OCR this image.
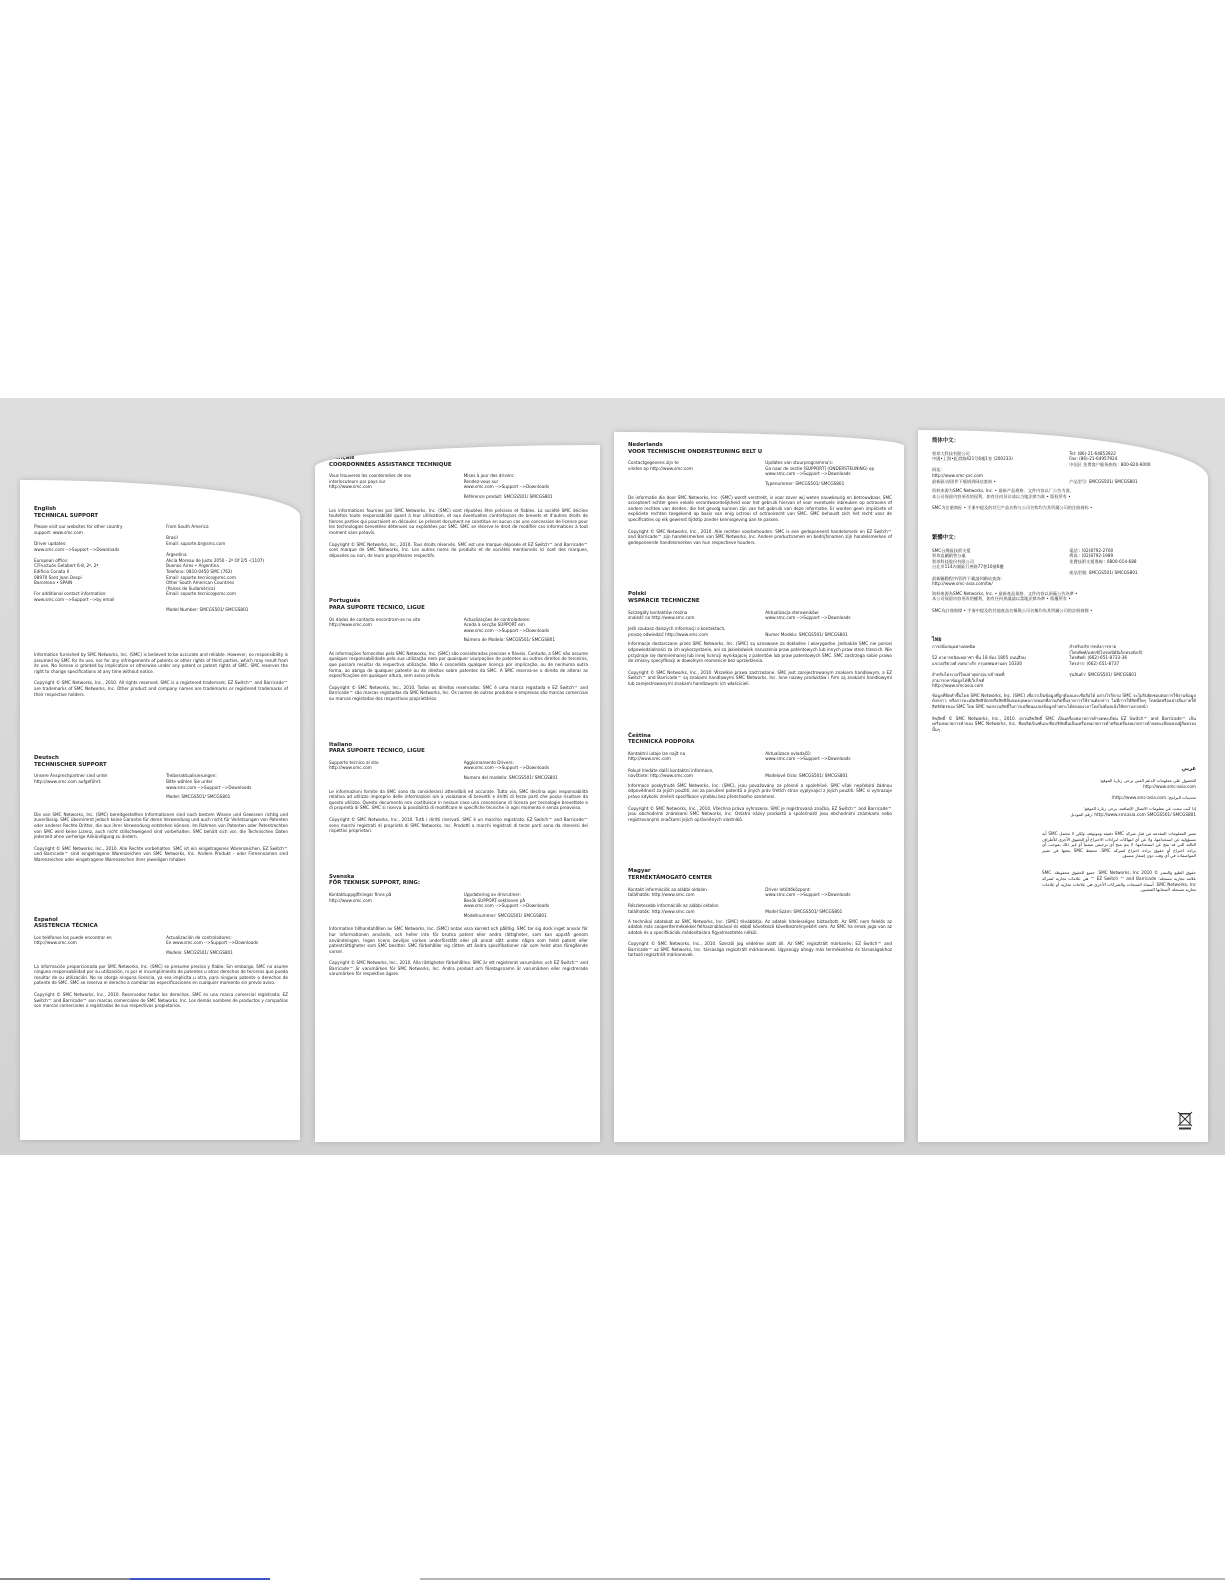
English
TECHNICAL SUPPORT
Please visit our websites for other country
support: www.smc.com

Driver updates:
www.smc.com -->Support -->Downloads

European office:
C/Fructuós Gelabert 6-8, 2º, 2ª
Edificio Conata II
08970 Sant Joan Despí
Barcelona • SPAIN

For additional contact information:
www.smc.com -->Support -->by email
From South America

Brasil
Email: suporte.br@smc.com

Argentina
Alicia Moreau de Justo 2050 - 2º Of 2/5 -(1107)
Buenos Aires • Argentina
Telefono: 0810-0450 SMC (762)
Email: soporte.tecnico@smc.com
Other South American Countries
(Países de Sudamérica)
Email: soporte.tecnico@smc.com
Model Number: SMCGS501/ SMCGS801
Information furnished by SMC Networks, Inc. (SMC) is believed to be accurate and reliable. However, no responsibility is assumed by SMC for its use, nor for any infringements of patents or other rights of third parties, which may result from its use. No license is granted by implication or otherwise under any patent or patent rights of SMC. SMC reserves the right to change specifications at any time without notice.
Copyright © SMC Networks, Inc., 2010. All rights reserved. SMC is a registered trademark; EZ Switch™ and Barricade™ are trademarks of SMC Networks, Inc. Other product and company names are trademarks or registered trademarks of their respective holders.
Deutsch
TECHNISCHER SUPPORT
Unsere Ansprechpartner sind unter
http://www.smc.com aufgeführt.
Treiberaktualisierungen:
Bitte wählen Sie unter
www.smc.com -->Support -->Downloads
Model: SMCGS501/ SMCGS801
Die von SMC Networks, Inc. (SMC) bereitgestellten Informationen sind nach bestem Wissen und Gewissen richtig und zuverlässig. SMC übernimmt jedoch keine Garantie für deren Verwendung und auch nicht für Verletzungen von Patenten oder anderer Rechte Dritter, die aus ihrer Verwendung entstehen können. Im Rahmen von Patenten oder Patentrechten von SMC wird keine Lizenz, auch nicht stillschweigend sind vorbehalten. SMC behält sich vor, die Technischen Daten jederzeit ohne vorherige Ankündigung zu ändern.
Copyright © SMC Networks, Inc., 2010. Alle Rechte vorbehalten. SMC ist ein eingetragenes Warenzeichen, EZ Switch™ und Barricade™ sind eingetragene Warenzeichen von SMC Networks, Inc. Andere Produkt - oder Firmennamen sind Warenzeichen oder eingetragene Warenzeichen ihrer jeweiligen Inhaber.
Español
ASISTENCIA TÉCNICA
Los teléfonos los puede encontrar en
http://www.smc.com
Actualización de controladores:
En www.smc.com -->Support -->Downloads
Modelo: SMCGS501/ SMCGS801
La información proporcionada por SMC Networks, Inc. (SMC) se presume precisa y fiable. Sin embargo, SMC no asume ninguna responsabilidad por su utilización, ni por el incumplimiento de patentes u otros derechos de terceros que pueda resultar de su utilización. No se otorga ninguna licencia, ya sea implícita u otra, para ninguna patente o derechos de patente de SMC. SMC se reserva el derecho a cambiar las especificaciones en cualquier momento sin previo aviso.
Copyright © SMC Networks, Inc., 2010. Reservados todos los derechos. SMC es una marca comercial registrada; EZ Switch™ and Barricade™ son marcas comerciales de SMC Networks, Inc. Los demás nombres de productos y compañías son marcas comerciales o registradas de sus respectivos propietarios.
Français
COORDONNÉES ASSISTANCE TECHNIQUE
Vous trouverez les coordonnées de nos
interlocuteurs par pays sur
http://www.smc.com
Mises à jour des drivers:
Rendez-vous sur
www.smc.com -->Support -->Downloads
Référence produit: SMCGS501/ SMCGS801
Les informations fournies par SMC Networks, Inc. (SMC) sont réputées être précises et fiables. La société SMC décline toutefois toute responsabilité quant à leur utilisation, et aux éventuelles contrefaçons de brevets et d'autres droits de tierces parties qui pourraient en découler. Le présent document ne constitue en aucun cas une concession de licence pour les technologies brevetées détenues ou exploitées par SMC. SMC se réserve le droit de modifier ces informations à tout moment sans préavis.
Copyright © SMC Networks, Inc., 2010. Tous droits réservés. SMC est une marque déposée et EZ Switch™ and Barricade™ sont marque de SMC Networks, Inc. Les autres noms de produits et de sociétés mentionnés ici sont des marques, déposées ou non, de leurs propriétaires respectifs.
Português
PARA SUPORTE TÉCNICO, LIGUE
Os dados de contacto encontram-se no site
http://www.smc.com
Actualizações de controladores:
Aceda à secção SUPPORT em
www.smc.com -->Support -->Downloads
Número de Modelo: SMCGS501/ SMCGS801
As informações fornecidas pela SMC Networks, Inc. (SMC) são consideradas precisas e fiáveis. Contudo, a SMC não assume qualquer responsabilidade pela sua utilização nem por quaisquer usurpações de patentes ou outros direitos de terceiros, que possam resultar da respectiva utilização. Não é concedida qualquer licença por implicação, ou de nenhuma outra forma, ao abrigo de qualquer patente ou de direitos sobre patentes da SMC. A SMC reserva-se o direito de alterar as especificações em qualquer altura, sem aviso prévio.
Copyright © SMC Networks, Inc., 2010. Todos os direitos reservados. SMC é uma marca registada e EZ Switch™ and Barricade™ são marcas registadas da SMC Networks, Inc. Os nomes de outros produtos e empresas são marcas comerciais ou marcas registadas dos respectivos proprietários.
Italiano
PARA SUPORTE TÉCNICO, LIGUE
Supporto tecnico al sito
http://www.smc.com
Aggiornamento Drivers:
www.smc.com -->Support -->Downloads
Numero del modello: SMCGS501/ SMCGS801
Le informazioni fornite da SMC sono da considerarsi attendibili ed accurate. Tutta via, SMC declina ogni responsabilità relativa ad utilizzo improprio delle informazioni o/e a violazione di brevetti e diritti di terze parti che possa risultare da questo utilizzo. Questo documento non costituisce in nessun caso una concessione di licenza per tecnologie brevettate e di proprietà di SMC. SMC si riserva la possibilità di modificare le specifiche tecniche in ogni momento e senza preavviso.
Copyright © SMC Networks, Inc., 2010. Tutti i diritti riservati. SMC è un marchio registrato. EZ Switch™ and Barricade™ sono marchi registrati di proprietà di SMC Networks, Inc. Prodotti o marchi registrati di terze parti sono da ritenersi dei rispettivi proprietari.
Svenska
FÖR TEKNISK SUPPORT, RING:
Kontaktuppgiftningar finns på
http://www.smc.com
Uppdatering av drivrutiner:
Besök SUPPORT-sektionen på
www.smc.com -->Support -->Downloads
Modellnummer: SMCGS501/ SMCGS801
Information tillhandahållen av SMC Networks, Inc. (SMC) antas vara korrekt och pålitlig. SMC tar sig dock inget ansvar för hur informationen används, och heller inte för brutna patent eller andra rättigheter, som kan uppstå genom användningen. Ingen licens beviljas varken underförstått eller på annat sätt under några som helst patent eller patenträttigheter som SMC besitter. SMC förbehåller sig rätten att ändra specifikationer när som helst utan föregående varsel.
Copyright © SMC Networks, Inc., 2010. Alla rättigheter förbehållna. SMC är ett registrerat varumärke; och EZ Switch™ and Barricade™ är varumärken för SMC Networks, Inc. Andra produkt och företagsnamn är varumärken eller registrerade varumärken för respektive ägare.
Nederlands
VOOR TECHNISCHE ONDERSTEUNING BELT U
Contactgegevens zijn te
vinden op http://www.smc.com
Updates van stuurprogramma's:
Ga naar de sectie [SUPPORT] (ONDERSTEUNING) op
www.smc.com -->Support -->Downloads
Typenummer: SMCGS501/ SMCGS801
De informatie die door SMC Networks, Inc. (SMC) wordt verstrekt, is voor zover wij weten nauwkeurig en betrouwbaar. SMC accepteert echter geen enkele verantwoordelijkheid voor het gebruik hiervan of voor eventuele inbreuken op octrooien of andere rechten van derden, die het gevolg kunnen zijn van het gebruik van deze informatie. Er worden geen impliciete of expliciete rechten toegekend op basis van enig octrooi of octrooirecht van SMC. SMC behoudt zich het recht voor de specificaties op elk gewenst tijdstip zonder kennisgeving aan te passen.
Copyright © SMC Networks, Inc., 2010. Alle rechten voorbehouden. SMC is een gedeponeerd handelsmerk en EZ Switch™ and Barricade™ zijn handelsmerken van SMC Networks, Inc. Andere productnamen en bedrijfsnamen zijn handelsmerken of gedeponeerde handelsmerken van hun respectieve houders.
Polski
WSPARCIE TECHNICZNE
Szczegóły kontaktów można
znaleźć na http://www.smc.com

Jeśli szukasz dalszych informacji o kontaktach,
proszę odwiedzić http://www.smc.com
Aktualizacja sterowników:
www.smc.com -->Support -->Downloads

Numer Modelu: SMCGS501/ SMCGS801
Informacje dostarczane przez SMC Networks, Inc. (SMC) są uznawane za dokładne i wiarygodne. Jednakże SMC nie ponosi odpowiedzialności za ich wykorzystanie, ani za jakiekolwiek naruszenia praw patentowych lub innych praw stron trzecich. Nie przyznaje się domniemanej lub innej licencji wynikającej z patentów lub praw patentowych SMC. SMC zastrzega sobie prawo do zmiany specyfikacji w dowolnym momencie bez uprzedzenia.
Copyright © SMC Networks, Inc., 2010. Wszelkie prawa zastrzeżone. SMC jest zarejestrowanym znakiem handlowym, a EZ Switch™ and Barricade™ są znakami handlowymi SMC Networks, Inc. Inne nazwy produktów i firm są znakami handlowymi lub zarejestrowanymi znakami handlowymi ich właścicieli.
Čeština
TECHNICKÁ PODPORA
Kontaktní údaje lze najít na
http://www.smc.com

Pokud hledáte další kontaktní informace,
navštivte: http://www.smc.com
Aktualizace ovladačů:
www.smc.com -->Support -->Downloads

Modelové číslo: SMCGS501/ SMCGS801
Informace poskytnuté SMC Networks, Inc. (SMC), jsou považovány za přesné a spolehlivé. SMC však nepřebírá žádnou odpovědnost za jejich použití, ani za porušení patentů a jiných práv třetích stran vyplývající z jejich použití. SMC si vyhrazuje právo kdykoliv změnit specifikace výrobku bez předchozího oznámení.
Copyright © SMC Networks, Inc., 2010. Všechna práva vyhrazena. SMC je registrovaná značka, EZ Switch™ and Barricade™ jsou obchodními známkami SMC Networks, Inc. Ostatní názvy produktů a společností jsou obchodními známkami nebo registrovanými značkami jejich oprávněných vlastníků.
Magyar
TERMÉKTÁMOGATÓ CENTER
Kontakt információk az alábbi oldalon
találhatók: http://www.smc.com

Részletesebb információk az alábbi oldalon
találhatók: http://www.smc.com
Driver letöltőközpont:
www.smc.com -->Support -->Downloads

Model Szám: SMCGS501/ SMCGS801
A technikai adatokat az SMC Networks, Inc. (SMC) tévábbítja. Az adatok hitelességes biztosított. Az SMC nem felelős az adatok más cooperltermékekkel felhasználásával és ebből következő következményekért sem. Az SMC ha emok joga van az adatok és a specifikációk módosítására figyelmeztetés nélkül.
Copyright © SMC Networks, Inc., 2010. Szerzői jog védelme alatt áll. Az SMC regisztrált márkanév; EZ Switch™ and Barricade™ az SMC Networks, Inc. társasága regisztrált márkanevek. Ugyanúgy ahogy más termékekhez és társaságokhoz tartozó regisztrált márkanevek.
简体中文：
智邦大科技有限公司
中國•上海•虹渭路421号6楼1室 (200233)

网址:
http://www.smc-prc.com
最新驱动/固件下载请到网站查询 •
Tel: (86)-21-64853922
Fax: (86)-21-64957924
中国区 免费客户服务热线 : 800-820-6000

产品型号: SMCGS501/ SMCGS801
资料来源为SMC Networks, Inc. • 最新产品规格、文件内容以厂公告为准。
本公司保留内容更改的权利，如有任何异议请以当地法律为准 • 版权所有 •
SMC为注册商标 • 手册中提及的其它产品名称与公司名称均为其所属公司的注册商标 •
繁體中文：
SMC台灣區技術支援
智邦直屬銷售分處
智邦科技股份有限公司
台北市114內湖區行善路77巷16號6樓

最新驅動程序/固件下載請到網站查詢:
http://www.smc-asia.com/tw/
電話 : (02)8792-2700
傳真 : (02)8792-1989
免費技術支援專線 : 0800-014-688

產品型號: SMCGS501/ SMCGS801
資料來源為SMC Networks, Inc. • 最新產品規格、文件內容以原廠公告為準 •
本公司保留內容更改的權利，如有任何異議請以當地法律為準 • 版權所有 •
SMC為註冊商標 • 手冊中提及的其他產品名稱與公司名稱均為其所屬公司的註冊商標 •
ไทย
การสนับสนุนทางเทคนิค

52 อาคารธนิยะพลาซ่า ชั้น 18 ห้อง 1805 ถนนสีลม
แขวงสุริยวงศ์ เขตบางรัก กรุงเทพมหานคร 10330

สำหรับไดรเวอร์ใหม่ล่าสุดกรุณาเข้าชมที่:
สามารถหาข้อมูลได้ที่เว็บไซต์
http://www.smcasia.com
สำหรับบริการหลังการขาย
(โทรศัพท์/แฟกซ์/ไปรษณีย์อิเล็กทรอนิกส์)
โทรศัพท์: (662) 651-8733-36
โทรสาร: (662) 651-8737

รุ่นสินค้า: SMCGS501/ SMCGS801
ข้อมูลที่จัดทำขึ้นโดย SMC Networks, Inc. (SMC) เชื่อว่าเป็นข้อมูลที่ถูกต้องและเชื่อถือได้ อย่างไรก็ตาม SMC จะไม่รับผิดชอบต่อการใช้งานข้อมูลดังกล่าว หรือการละเมิดสิทธิบัตรหรือสิทธิอื่นของบุคคลภายนอกที่อาจเกิดขึ้นจากการใช้งานดังกล่าว ไม่มีการให้สิทธิ์ใดๆ โดยนัยหรืออย่างอื่นภายใต้สิทธิบัตรของ SMC โดย SMC ขอสงวนสิทธิ์ในการเปลี่ยนแปลงข้อมูลจำเพาะได้ตลอดเวลาโดยไม่ต้องแจ้งให้ทราบล่วงหน้า
ลิขสิทธิ์ © SMC Networks, Inc., 2010. สงวนลิขสิทธิ์ SMC เป็นเครื่องหมายการค้าจดทะเบียน EZ Switch™ and Barricade™ เป็นเครื่องหมายการค้าของ SMC Networks, Inc. ชื่อผลิตภัณฑ์และชื่อบริษัทอื่นเป็นเครื่องหมายการค้าหรือเครื่องหมายการค้าจดทะเบียนของผู้ถือครองนั้นๆ

عربي

للحصول على معلومات الدعم الفني يرجى زيارة الموقع:
http://www.smc-asia.com

تحديثات البرامج: http://www.smc-asia.com/

إذا كنت تبحث عن معلومات الاتصال الإضافية، يرجى زيارة الموقع:
http://www.smcasia.com SMCGS501/ SMCGS801 :رقم الموديل

تعتبر المعلومات المقدمة من قبل شركة SMC دقيقة وموثوقة، ولكن لا تتحمل SMC أية مسؤولية عن استخدامها، ولا عن أي انتهاكات لبراءات الاختراع أو الحقوق الأخرى للأطراف الثالثة التي قد تنتج عن استخدامها. لا يتم منح أي ترخيص ضمنياً أو غير ذلك بموجب أي براءة اختراع أو حقوق براءة اختراع لشركة SMC. تحتفظ SMC بحقها في تغيير المواصفات في أي وقت دون إشعار مسبق.

حقوق الطبع والنشر © 2010 SMC Networks, Inc. جميع الحقوق محفوظة. SMC علامة تجارية مسجلة؛ EZ Switch ™ and Barricade ™ هي علامات تجارية لشركة SMC Networks, Inc. أسماء المنتجات والشركات الأخرى هي علامات تجارية أو علامات تجارية مسجلة لأصحابها المعنيين.
